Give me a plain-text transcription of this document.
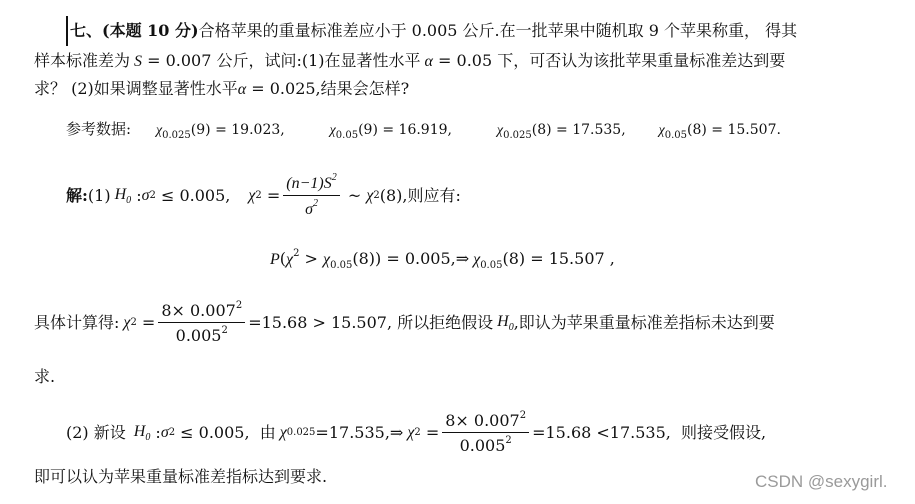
七、(本题 10 分)合格苹果的重量标准差应小于 0.005 公斤.在一批苹果中随机取 9 个苹果称重， 得其
样本标准差为 S = 0.007 公斤，试问:(1)在显著性水平 α = 0.05 下，可否认为该批苹果重量标准差达到要
求？ (2)如果调整显著性水平α = 0.025,结果会怎样?
参考数据: $\chi_{0.025}(9) = 19.023$,	$\chi_{0.05}(9) = 16.919$,	$\chi_{0.025}(8) = 17.535$, $\chi_{0.05}(8) = 15.507$.
解: (1) $H_0$ : σ 2 ≤ 0.005, χ $2 = \frac{(n-1)S^2}{\sigma^2}$ ~ χ 2 (8) ,则应有:
$P(\chi^2 > \chi_{0.05}(8))$ = 0.005,⇒ $\chi_{0.05}(8) = 15.507$ ,
具体计算得: χ $2 = \frac{8\times 0.007^2}{0.005^2} =15.68 > 15.507$,
所以拒绝假设 $H_0$ ,即认为苹果重量标准差指标未达到要
求.
(2) 新设 $H_0$ : σ 2 ≤ 0.005,
由 χ 0.025 =17.535,⇒ χ $2 = \frac{8\times 0.007^2}{0.005^2} =15.68 <17.535$,
则接受假设,
即可以认为苹果重量标准差指标达到要求.	CSDN @sexygirl.
